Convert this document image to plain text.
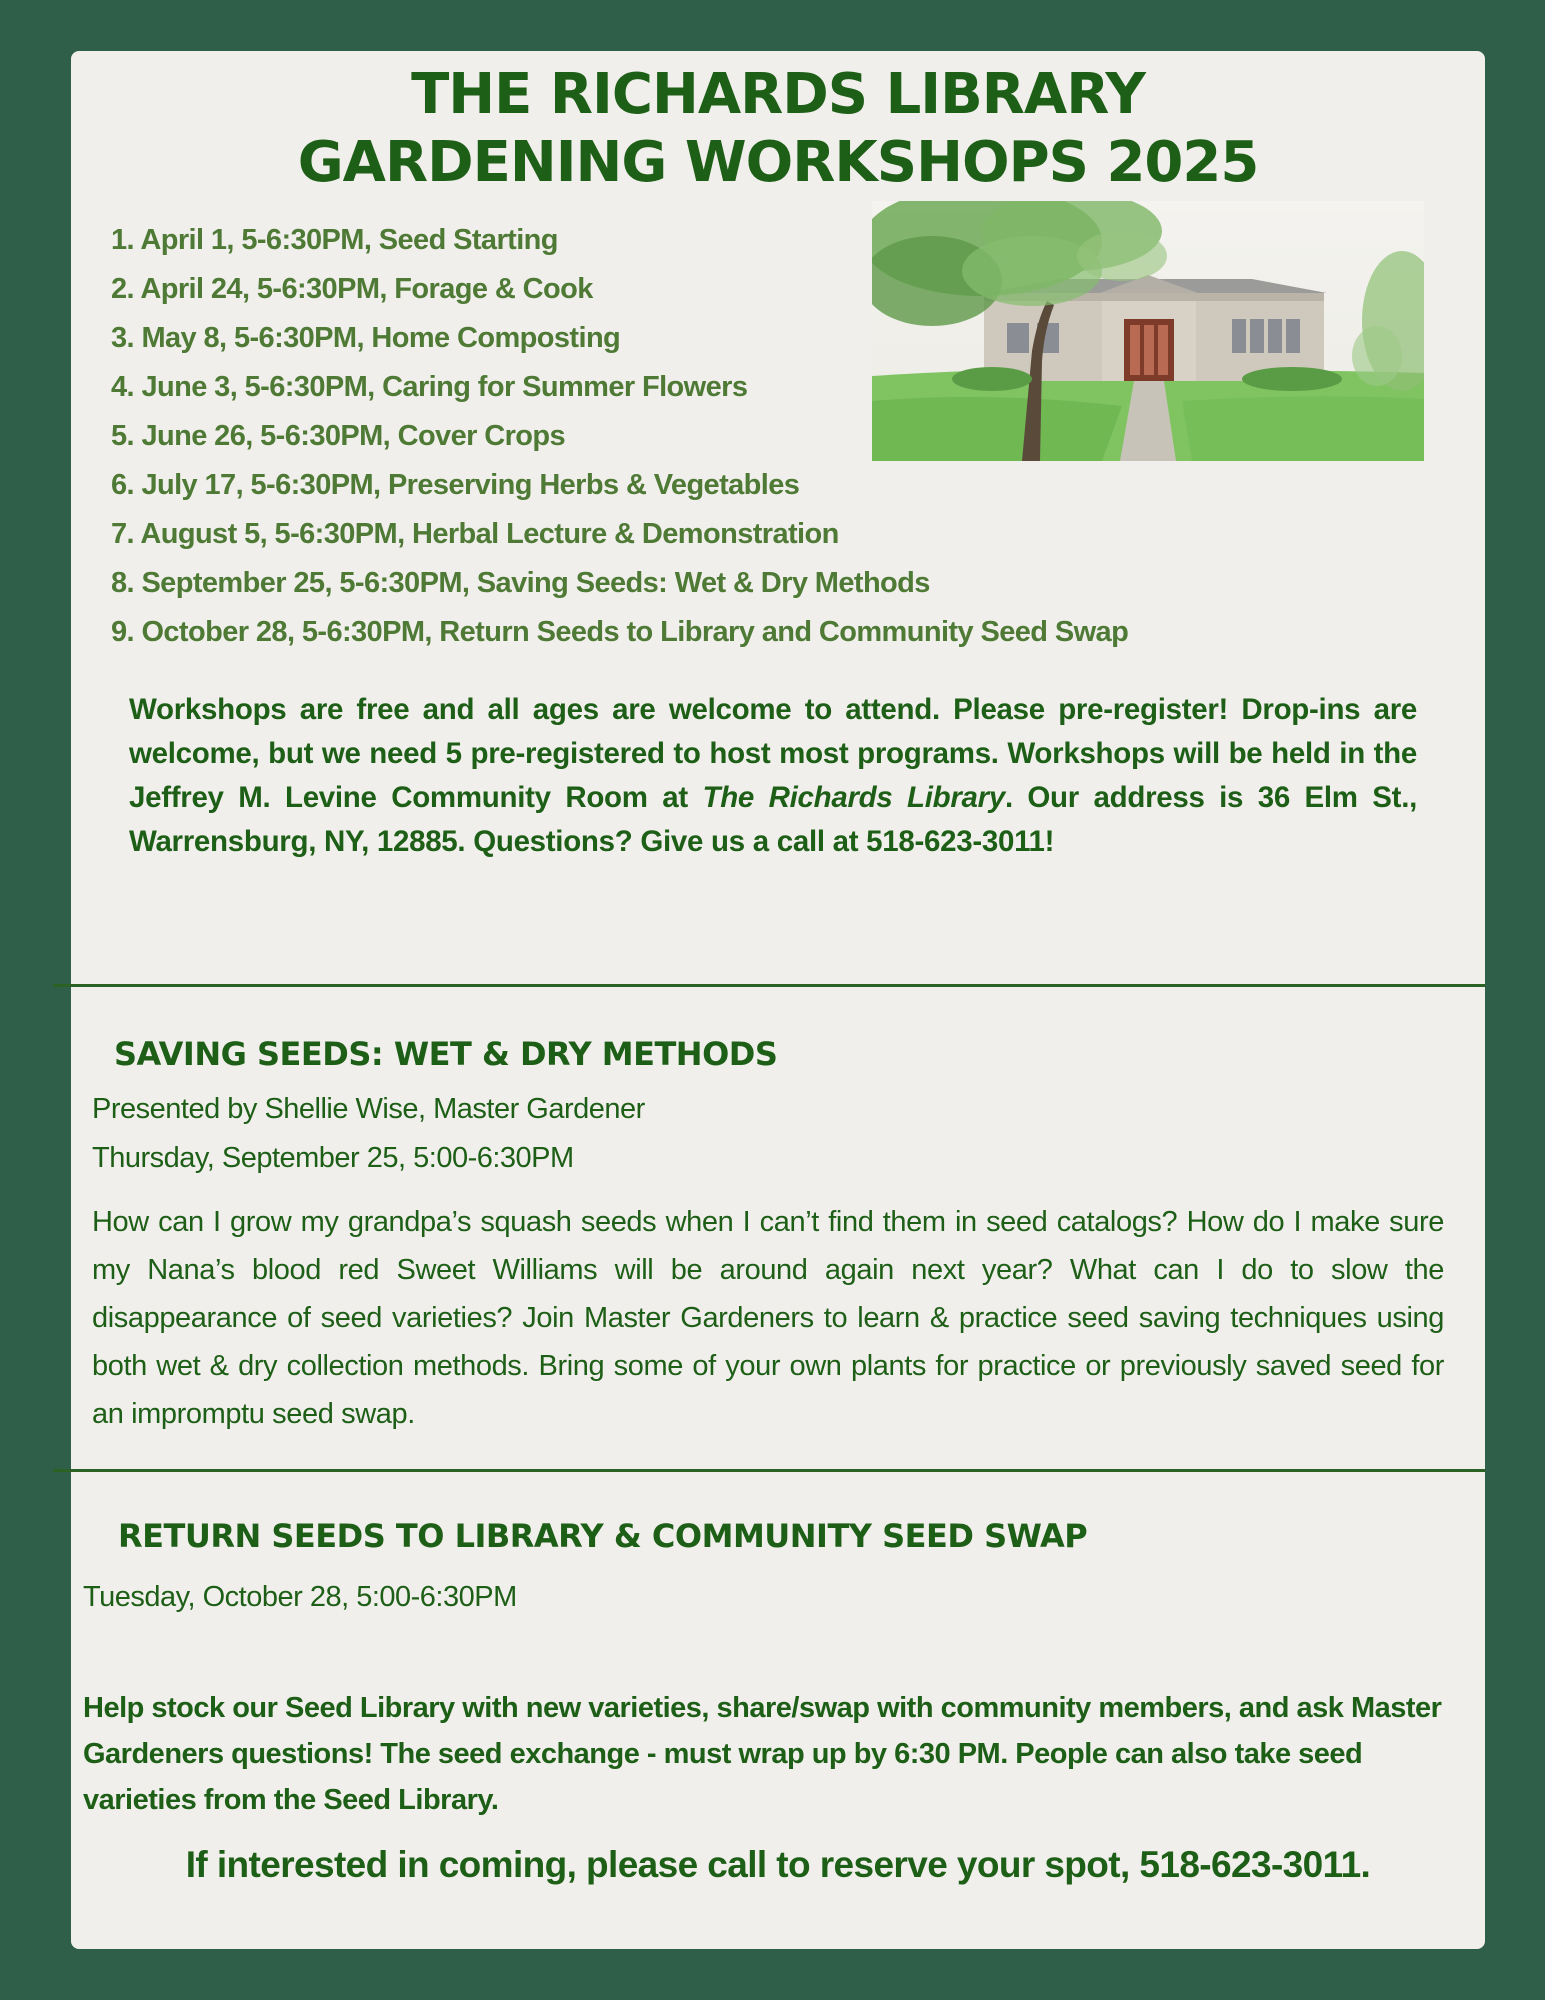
THE RICHARDS LIBRARY
GARDENING WORKSHOPS 2025
1. April 1, 5-6:30PM, Seed Starting
2. April 24, 5-6:30PM, Forage & Cook
3. May 8, 5-6:30PM, Home Composting
4. June 3, 5-6:30PM, Caring for Summer Flowers
5. June 26, 5-6:30PM, Cover Crops
6. July 17, 5-6:30PM, Preserving Herbs & Vegetables
7. August 5, 5-6:30PM, Herbal Lecture & Demonstration
8. September 25, 5-6:30PM, Saving Seeds: Wet & Dry Methods
9. October 28, 5-6:30PM, Return Seeds to Library and Community Seed Swap
Workshops are free and all ages are welcome to attend. Please pre-register! Drop-ins are welcome, but we need 5 pre-registered to host most programs. Workshops will be held in the Jeffrey M. Levine Community Room at The Richards Library. Our address is 36 Elm St., Warrensburg, NY, 12885. Questions? Give us a call at 518-623-3011!
SAVING SEEDS: WET & DRY METHODS
Presented by Shellie Wise, Master Gardener
Thursday, September 25, 5:00-6:30PM
How can I grow my grandpa’s squash seeds when I can’t find them in seed catalogs? How do I make sure my Nana’s blood red Sweet Williams will be around again next year? What can I do to slow the disappearance of seed varieties? Join Master Gardeners to learn & practice seed saving techniques using both wet & dry collection methods. Bring some of your own plants for practice or previously saved seed for an impromptu seed swap.
RETURN SEEDS TO LIBRARY & COMMUNITY SEED SWAP
Tuesday, October 28, 5:00-6:30PM
Help stock our Seed Library with new varieties, share/swap with community members, and ask Master Gardeners questions! The seed exchange - must wrap up by 6:30 PM. People can also take seed varieties from the Seed Library.
If interested in coming, please call to reserve your spot, 518-623-3011.
